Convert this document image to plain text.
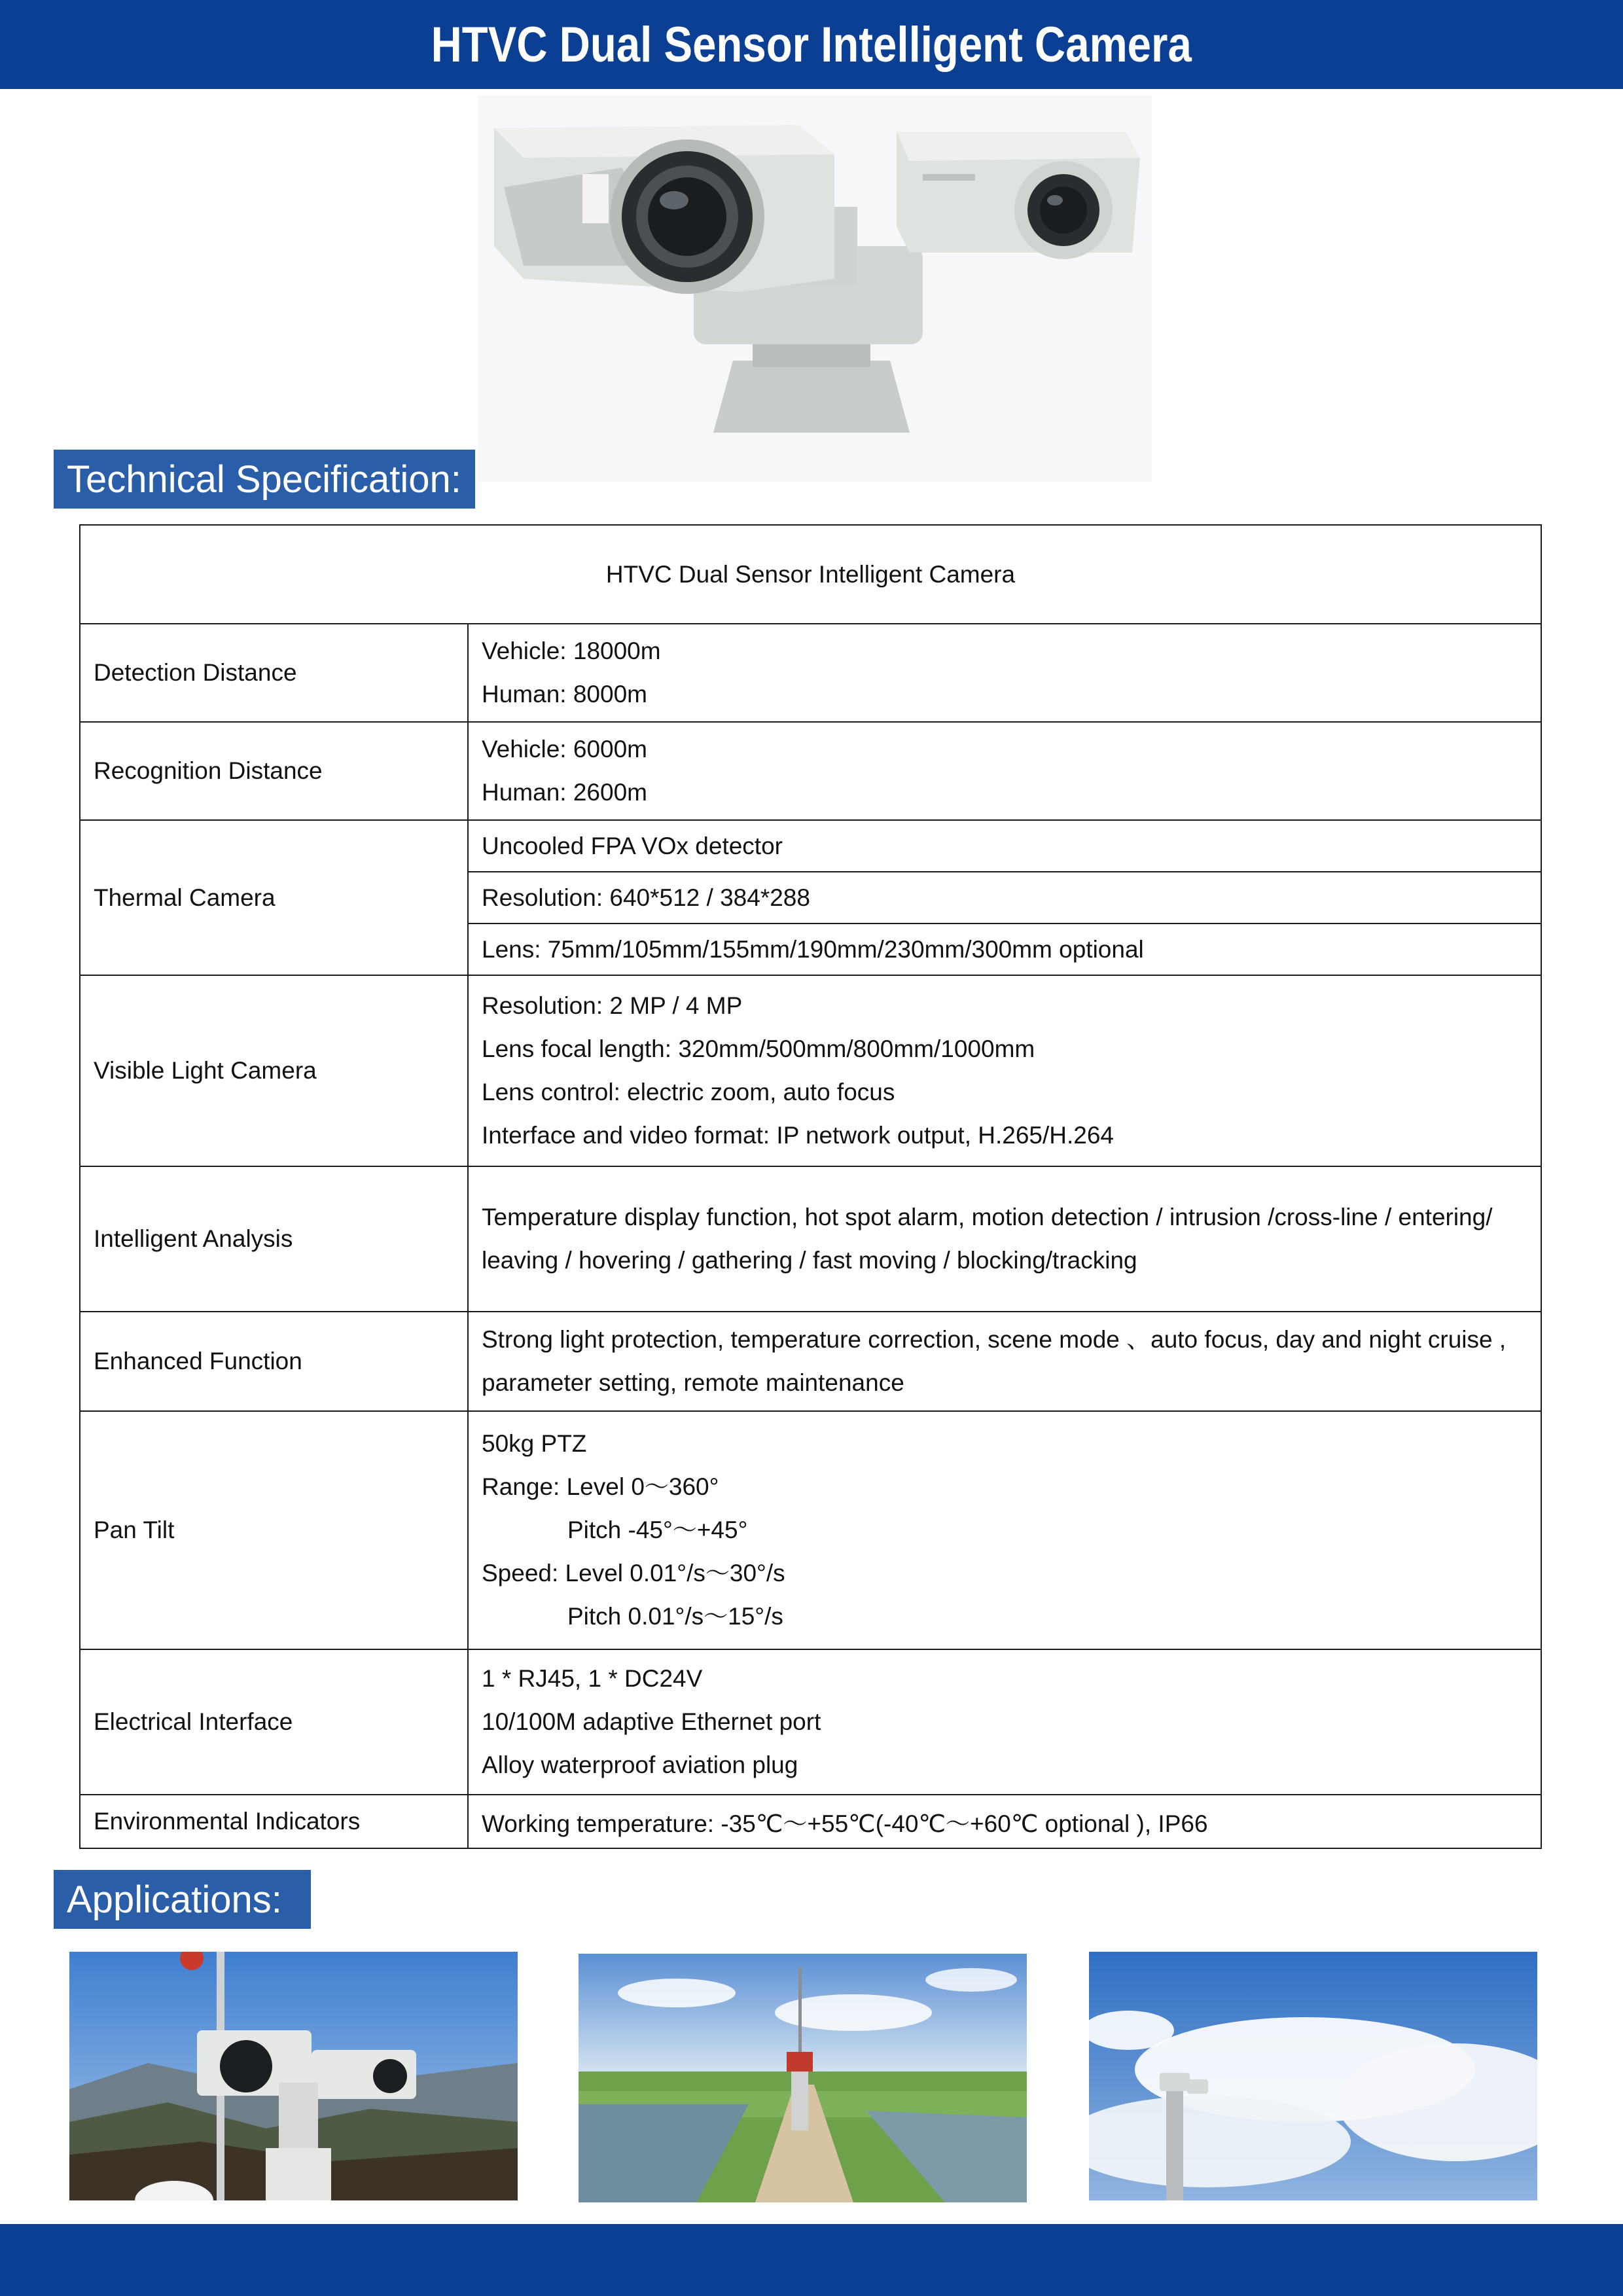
HTVC Dual Sensor Intelligent Camera
Technical Specification:
HTVC Dual Sensor Intelligent Camera	
Detection Distance	Vehicle: 18000m
Human: 8000m

Recognition Distance	Vehicle: 6000m
Human: 2600m

Thermal Camera	Uncooled FPA VOx detector
	Resolution: 640*512 / 384*288
	Lens: 75mm/105mm/155mm/190mm/230mm/300mm optional
Visible Light Camera	Resolution: 2 MP / 4 MP
Lens focal length: 320mm/500mm/800mm/1000mm
Lens control: electric zoom, auto focus
Interface and video format: IP network output, H.265/H.264

Intelligent Analysis	Temperature display function, hot spot alarm, motion detection / intrusion /cross-line / entering/ leaving / hovering / gathering / fast moving / blocking/tracking
Enhanced Function	Strong light protection, temperature correction, scene mode 、auto focus, day and night cruise , parameter setting, remote maintenance
Pan Tilt	50kg PTZ
Range: Level 0～360°
Pitch -45°～+45°
Speed: Level 0.01°/s～30°/s
Pitch 0.01°/s～15°/s

Electrical Interface	1 * RJ45, 1 * DC24V
10/100M adaptive Ethernet port
Alloy waterproof aviation plug

Environmental Indicators	Working temperature: -35℃～+55℃(-40℃～+60℃ optional ), IP66
Applications:
